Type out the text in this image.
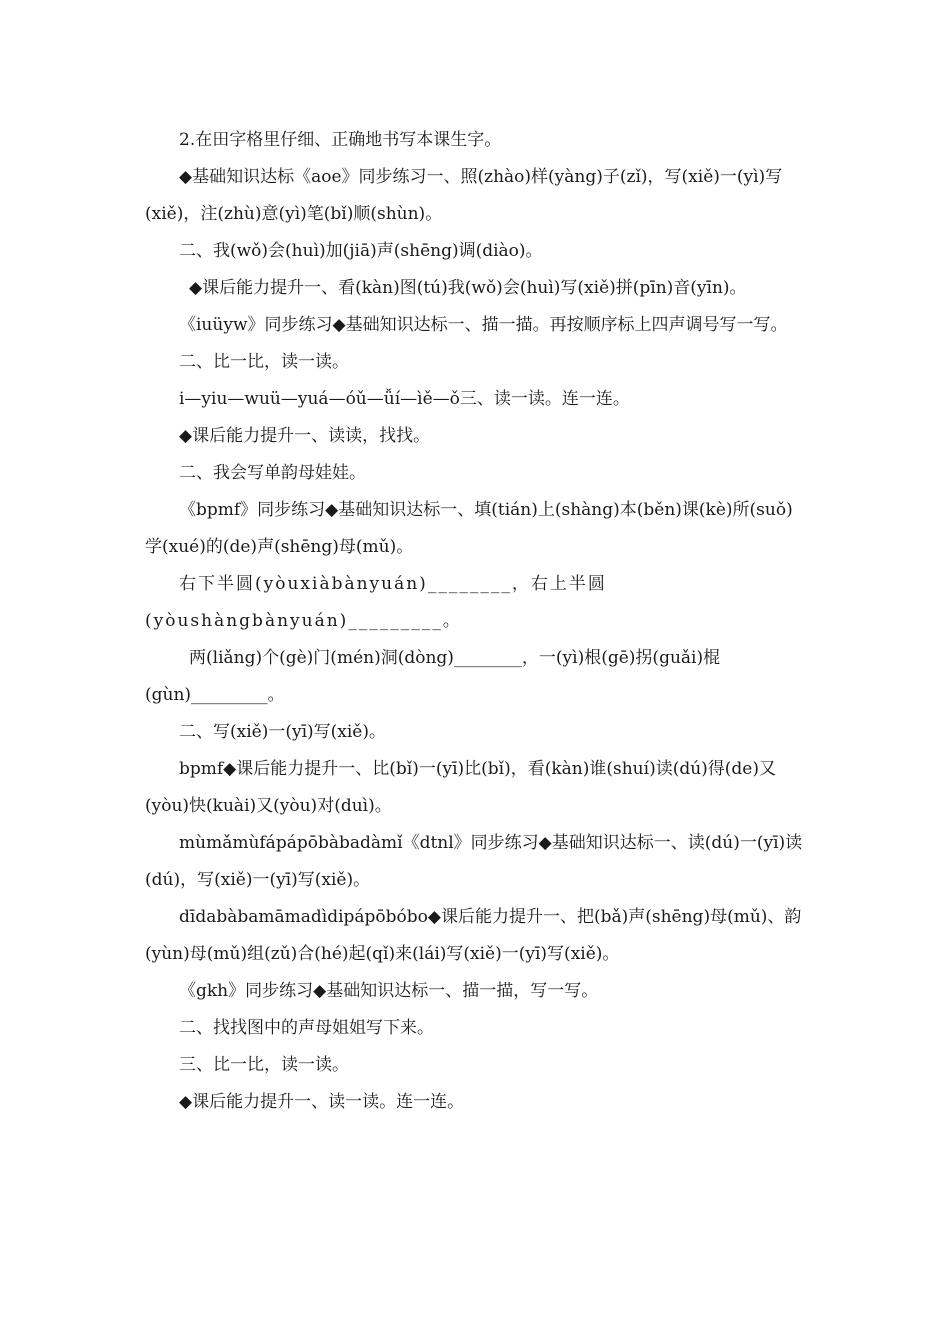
2.在田字格里仔细、正确地书写本课生字。

◆基础知识达标《aoe》同步练习一、照(zhào)样(yàng)子(zǐ)，写(xiě)一(yì)写(xiě)，注(zhù)意(yì)笔(bǐ)顺(shùn)。

二、我(wǒ)会(huì)加(jiā)声(shēng)调(diào)。

◆课后能力提升一、看(kàn)图(tú)我(wǒ)会(huì)写(xiě)拼(pīn)音(yīn)。

《iuüyw》同步练习◆基础知识达标一、描一描。再按顺序标上四声调号写一写。

二、比一比，读一读。

i—yiu—wuü—yuá—óǔ—ǚí—ìě—ǒ三、读一读。连一连。

◆课后能力提升一、读读，找找。

二、我会写单韵母娃娃。

《bpmf》同步练习◆基础知识达标一、填(tián)上(shàng)本(běn)课(kè)所(suǒ)学(xué)的(de)声(shēng)母(mǔ)。

右下半圆(yòuxiàbànyuán)________，右上半圆(yòushàngbànyuán)_________。

两(liǎng)个(gè)门(mén)洞(dòng)________，一(yì)根(gē)拐(guǎi)棍(gùn)_________。

二、写(xiě)一(yī)写(xiě)。

bpmf◆课后能力提升一、比(bǐ)一(yī)比(bǐ)，看(kàn)谁(shuí)读(dú)得(de)又(yòu)快(kuài)又(yòu)对(duì)。

mùmǎmùfápápōbàbadàmǐ《dtnl》同步练习◆基础知识达标一、读(dú)一(yī)读(dú)，写(xiě)一(yī)写(xiě)。

dīdabàbamāmadìdipápōbóbo◆课后能力提升一、把(bǎ)声(shēng)母(mǔ)、韵(yùn)母(mǔ)组(zǔ)合(hé)起(qǐ)来(lái)写(xiě)一(yī)写(xiě)。

《gkh》同步练习◆基础知识达标一、描一描，写一写。

二、找找图中的声母姐姐写下来。

三、比一比，读一读。

◆课后能力提升一、读一读。连一连。
